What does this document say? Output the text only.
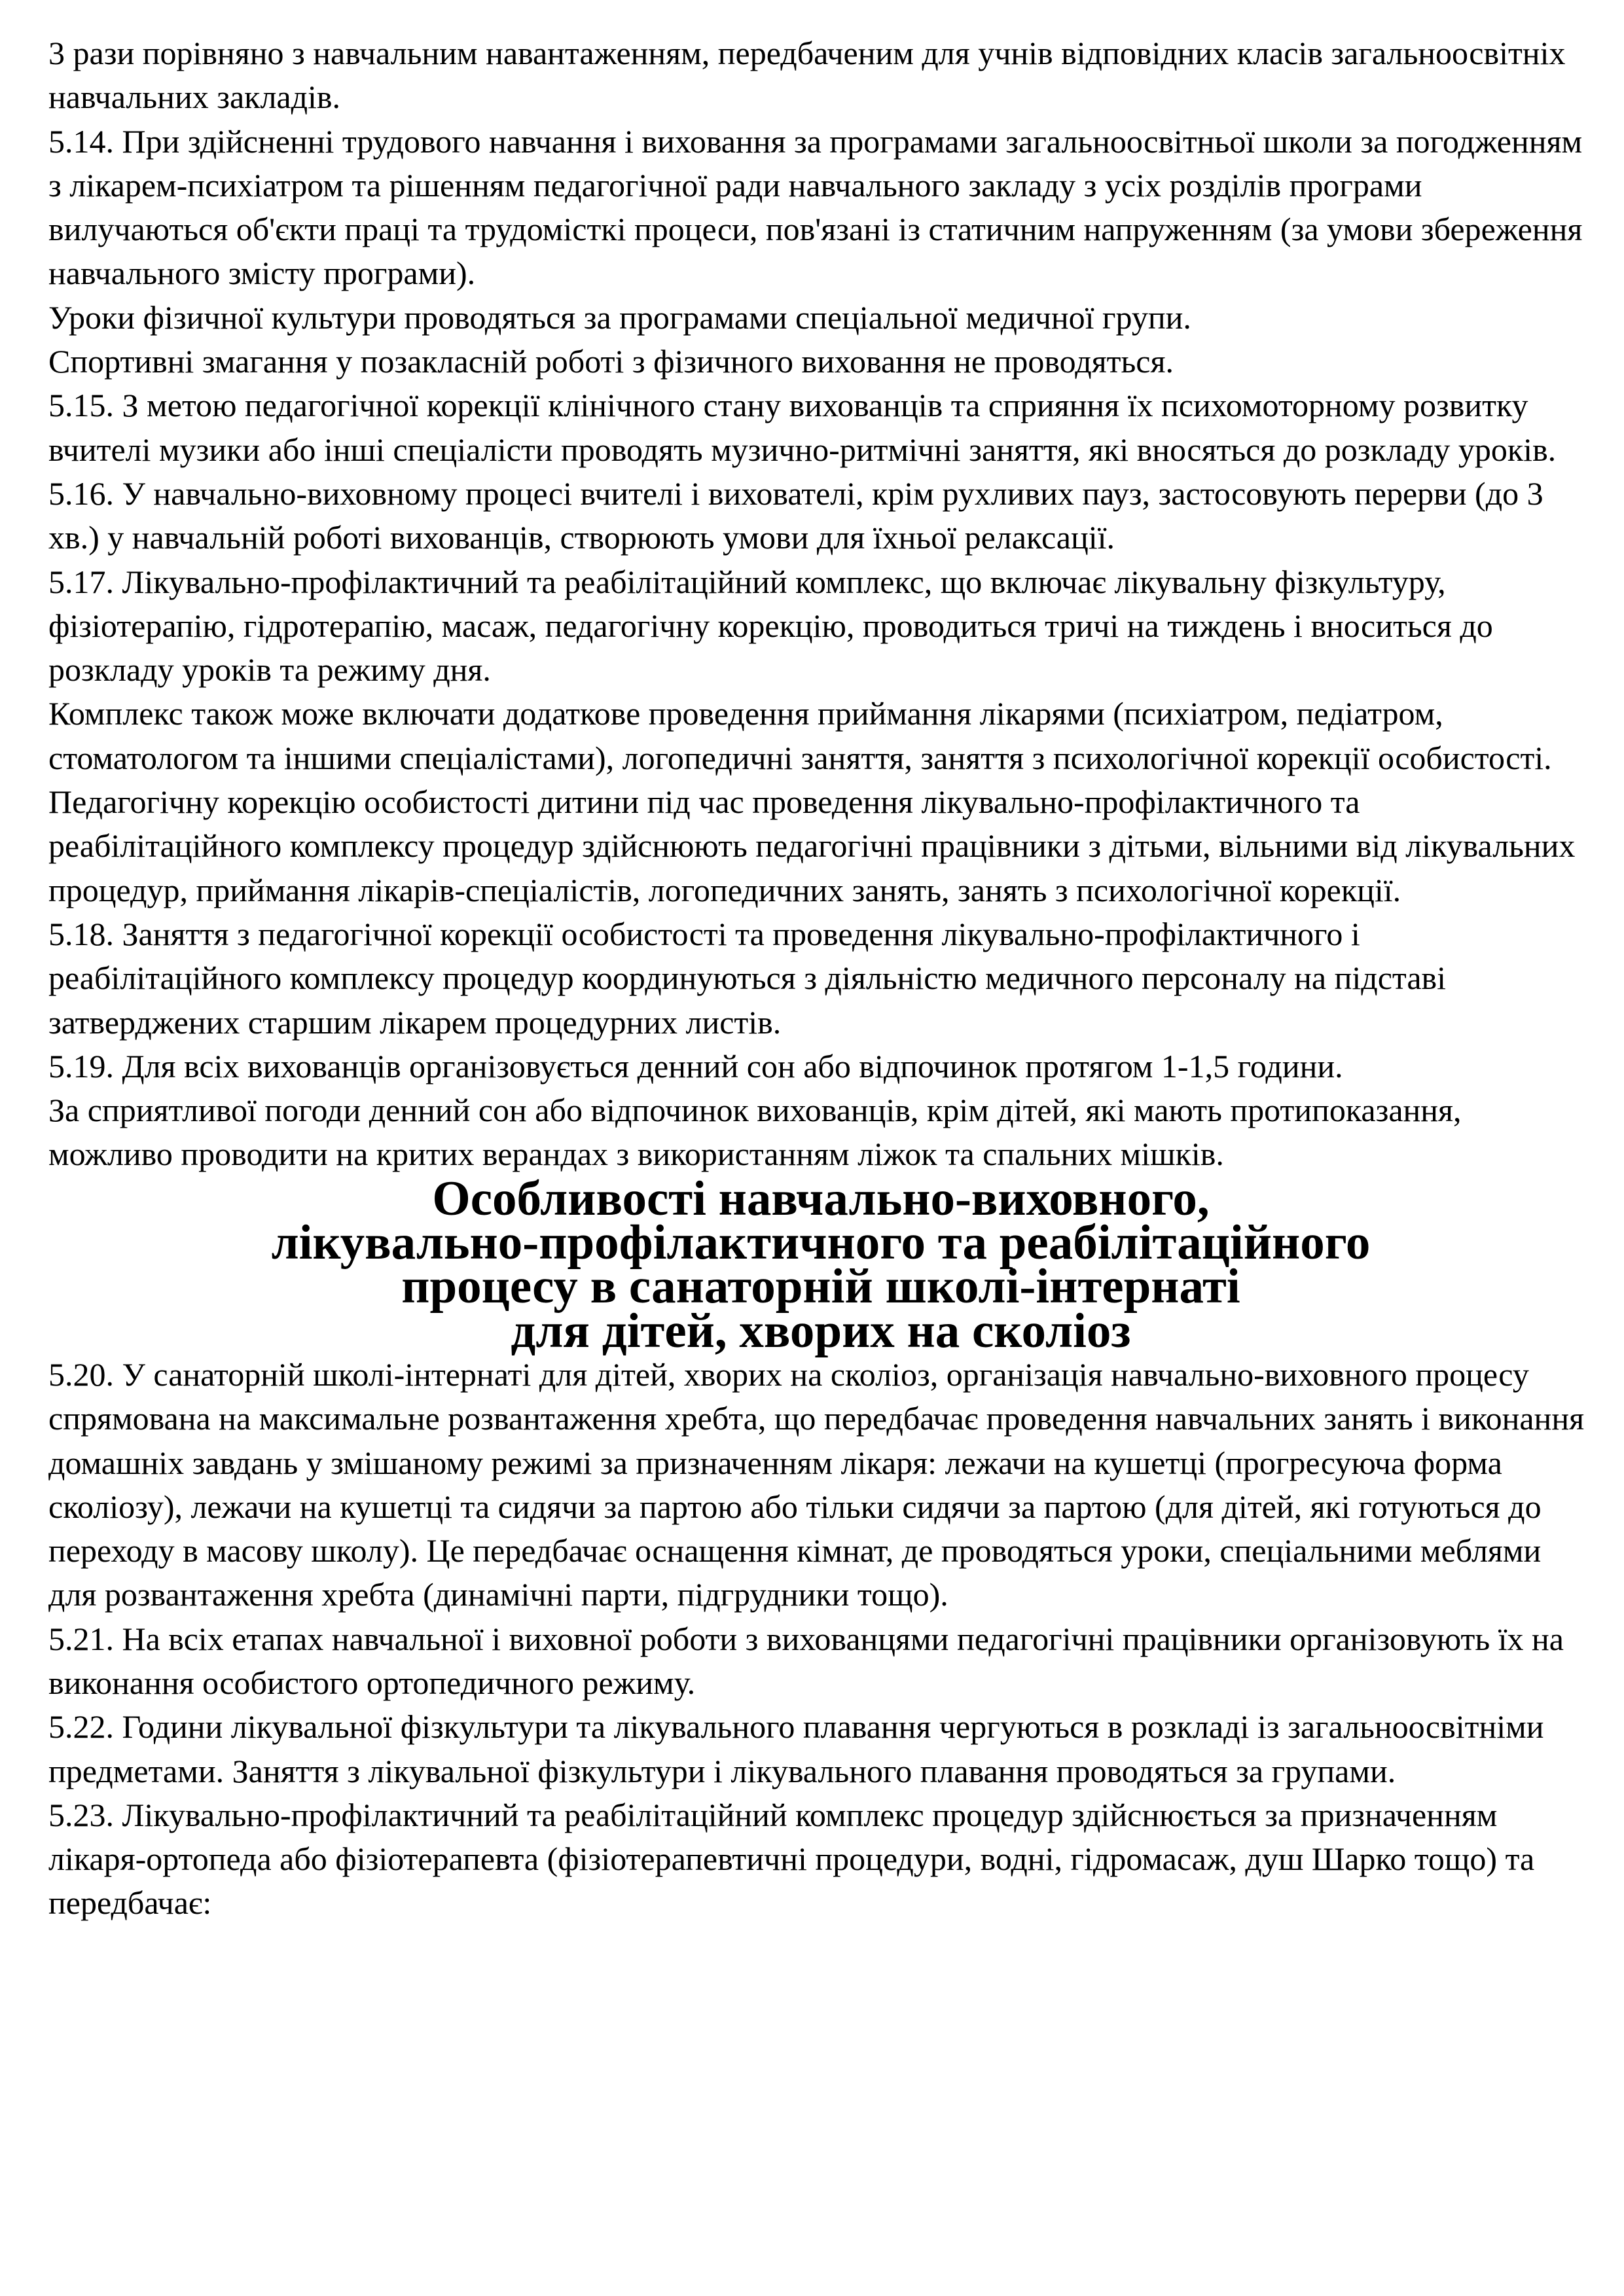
3 рази порівняно з навчальним навантаженням, передбаченим для учнів відповідних класів загальноосвітніх навчальних закладів.

5.14. При здійсненні трудового навчання і виховання за програмами загальноосвітньої школи за погодженням з лікарем-психіатром та рішенням педагогічної ради навчального закладу з усіх розділів програми вилучаються об'єкти праці та трудомісткі процеси, пов'язані із статичним напруженням (за умови збереження навчального змісту програми).

Уроки фізичної культури проводяться за програмами спеціальної медичної групи.

Спортивні змагання у позакласній роботі з фізичного виховання не проводяться.

5.15. З метою педагогічної корекції клінічного стану вихованців та сприяння їх психомоторному розвитку вчителі музики або інші спеціалісти проводять музично-ритмічні заняття, які вносяться до розкладу уроків.

5.16. У навчально-виховному процесі вчителі і вихователі, крім рухливих пауз, застосовують перерви (до 3 хв.) у навчальній роботі вихованців, створюють умови для їхньої релаксації.

5.17. Лікувально-профілактичний та реабілітаційний комплекс, що включає лікувальну фізкультуру, фізіотерапію, гідротерапію, масаж, педагогічну корекцію, проводиться тричі на тиждень і вноситься до розкладу уроків та режиму дня.

Комплекс також може включати додаткове проведення приймання лікарями (психіатром, педіатром, стоматологом та іншими спеціалістами), логопедичні заняття, заняття з психологічної корекції особистості.

Педагогічну корекцію особистості дитини під час проведення лікувально-профілактичного та реабілітаційного комплексу процедур здійснюють педагогічні працівники з дітьми, вільними від лікувальних процедур, приймання лікарів-спеціалістів, логопедичних занять, занять з психологічної корекції.

5.18. Заняття з педагогічної корекції особистості та проведення лікувально-профілактичного і реабілітаційного комплексу процедур координуються з діяльністю медичного персоналу на підставі затверджених старшим лікарем процедурних листів.

5.19. Для всіх вихованців організовується денний сон або відпочинок протягом 1-1,5 години.

За сприятливої погоди денний сон або відпочинок вихованців, крім дітей, які мають протипоказання, можливо проводити на критих верандах з використанням ліжок та спальних мішків.

Особливості навчально-виховного,
лікувально-профілактичного та реабілітаційного
процесу в санаторній школі-інтернаті
для дітей, хворих на сколіоз

5.20. У санаторній школі-інтернаті для дітей, хворих на сколіоз, організація навчально-виховного процесу спрямована на максимальне розвантаження хребта, що передбачає проведення навчальних занять і виконання домашніх завдань у змішаному режимі за призначенням лікаря: лежачи на кушетці (прогресуюча форма сколіозу), лежачи на кушетці та сидячи за партою або тільки сидячи за партою (для дітей, які готуються до переходу в масову школу). Це передбачає оснащення кімнат, де проводяться уроки, спеціальними меблями для розвантаження хребта (динамічні парти, підгрудники тощо).

5.21. На всіх етапах навчальної і виховної роботи з вихованцями педагогічні працівники організовують їх на виконання особистого ортопедичного режиму.

5.22. Години лікувальної фізкультури та лікувального плавання чергуються в розкладі із загальноосвітніми предметами. Заняття з лікувальної фізкультури і лікувального плавання проводяться за групами.

5.23. Лікувально-профілактичний та реабілітаційний комплекс процедур здійснюється за призначенням лікаря-ортопеда або фізіотерапевта (фізіотерапевтичні процедури, водні, гідромасаж, душ Шарко тощо) та передбачає:
